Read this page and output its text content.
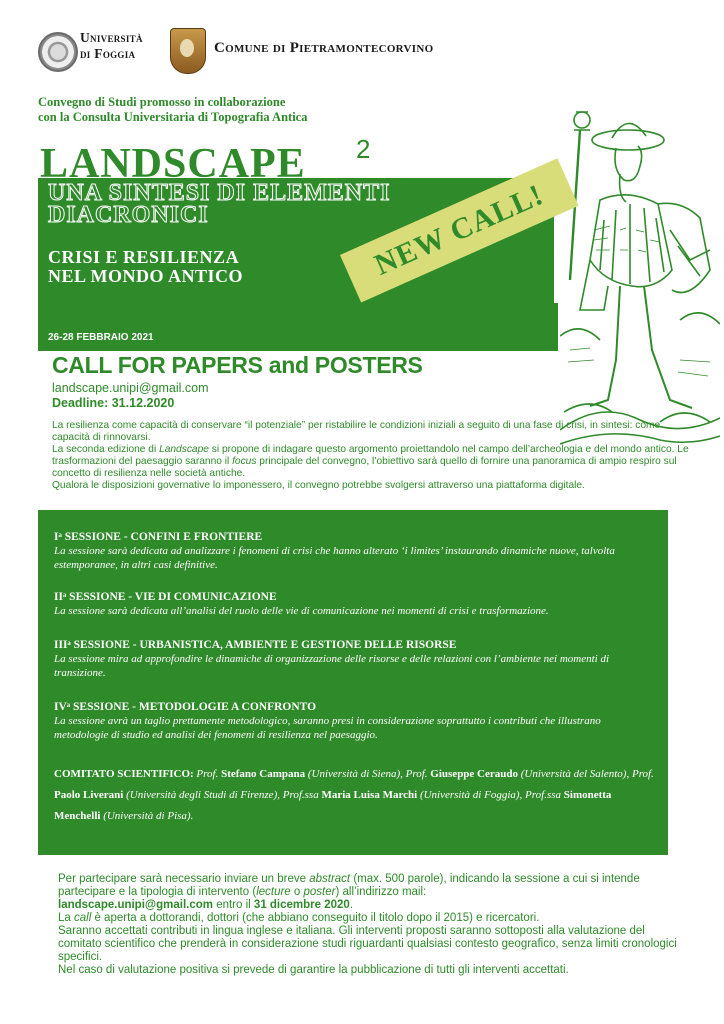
Università
di Foggia	Comune di Pietramontecorvino
Convegno di Studi promosso in collaborazione
con la Consulta Universitaria di Topografia Antica
LANDSCAPE 2
UNA SINTESI DI ELEMENTI
DIACRONICI
CRISI E RESILIENZA
NEL MONDO ANTICO
26-28 FEBBRAIO 2021
NEW CALL!
CALL FOR PAPERS and POSTERS
landscape.unipi@gmail.com
Deadline: 31.12.2020

La resilienza come capacità di conservare “il potenziale” per ristabilire le condizioni iniziali a seguito di una fase di crisi, in sintesi: come capacità di rinnovarsi.

La seconda edizione di Landscape si propone di indagare questo argomento proiettandolo nel campo dell’archeologia e del mondo antico. Le trasformazioni del paesaggio saranno il focus principale del convegno, l’obiettivo sarà quello di fornire una panoramica di ampio respiro sul concetto di resilienza nelle società antiche.

Qualora le disposizioni governative lo imponessero, il convegno potrebbe svolgersi attraverso una piattaforma digitale.

Iᵃ SESSIONE - CONFINI E FRONTIERE
La sessione sarà dedicata ad analizzare i fenomeni di crisi che hanno alterato ‘i limites’ instaurando dinamiche nuove, talvolta estemporanee, in altri casi definitive.
IIᵃ SESSIONE - VIE DI COMUNICAZIONE
La sessione sarà dedicata all’analisi del ruolo delle vie di comunicazione nei momenti di crisi e trasformazione.
IIIᵃ SESSIONE - URBANISTICA, AMBIENTE E GESTIONE DELLE RISORSE
La sessione mira ad approfondire le dinamiche di organizzazione delle risorse e delle relazioni con l’ambiente nei momenti di transizione.
IVᵃ SESSIONE - METODOLOGIE A CONFRONTO
La sessione avrà un taglio prettamente metodologico, saranno presi in considerazione soprattutto i contributi che illustrano metodologie di studio ed analisi dei fenomeni di resilienza nel paesaggio.
COMITATO SCIENTIFICO: Prof. Stefano Campana (Università di Siena), Prof. Giuseppe Ceraudo (Università del Salento), Prof. Paolo Liverani (Università degli Studi di Firenze), Prof.ssa Maria Luisa Marchi (Università di Foggia), Prof.ssa Simonetta Menchelli (Università di Pisa).

Per partecipare sarà necessario inviare un breve abstract (max. 500 parole), indicando la sessione a cui si intende partecipare e la tipologia di intervento (lecture o poster) all’indirizzo mail:

landscape.unipi@gmail.com entro il 31 dicembre 2020.

La call è aperta a dottorandi, dottori (che abbiano conseguito il titolo dopo il 2015) e ricercatori.

Saranno accettati contributi in lingua inglese e italiana. Gli interventi proposti saranno sottoposti alla valutazione del comitato scientifico che prenderà in considerazione studi riguardanti qualsiasi contesto geografico, senza limiti cronologici specifici.

Nel caso di valutazione positiva si prevede di garantire la pubblicazione di tutti gli interventi accettati.
